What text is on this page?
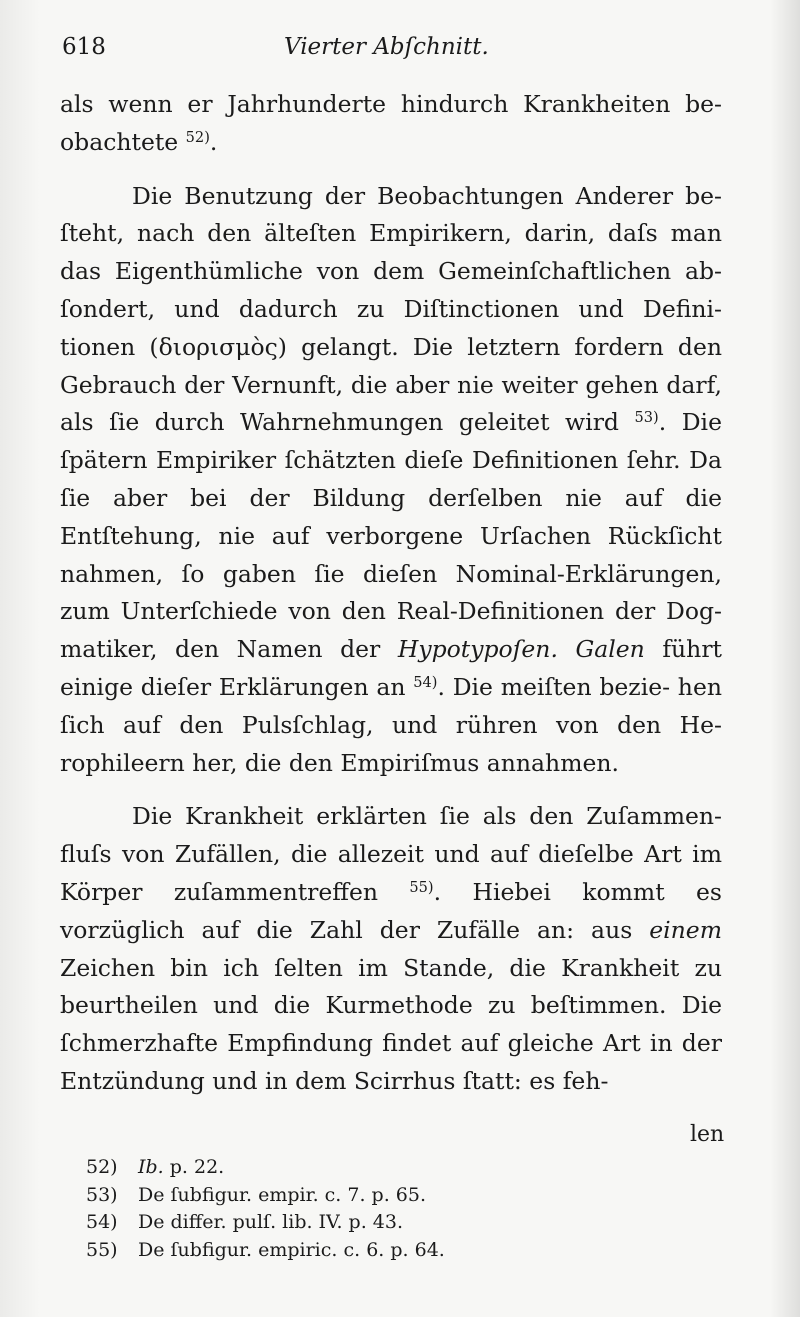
618	Vierter Abſchnitt.

als wenn er Jahrhunderte hindurch Krankheiten be- obachtete $^{52)}$.

Die Benutzung der Beobachtungen Anderer be- ſteht, nach den älteſten Empirikern, darin, daſs man das Eigenthümliche von dem Gemeinſchaftlichen ab- ſondert, und dadurch zu Diſtinctionen und Defini- tionen (διορισμὸς) gelangt. Die letztern fordern den Gebrauch der Vernunft, die aber nie weiter gehen darf, als ſie durch Wahrnehmungen geleitet wird $^{53)}$. Die ſpätern Empiriker ſchätzten dieſe Definitionen ſehr. Da ſie aber bei der Bildung derſelben nie auf die Entſtehung, nie auf verborgene Urſachen Rückſicht nahmen, ſo gaben ſie dieſen Nominal-Erklärungen, zum Unterſchiede von den Real-Definitionen der Dog- matiker, den Namen der Hypotypoſen. Galen führt einige dieſer Erklärungen an $^{54)}$. Die meiſten bezie- hen ſich auf den Pulsſchlag, und rühren von den He- rophileern her, die den Empiriſmus annahmen.

Die Krankheit erklärten ſie als den Zuſammen- fluſs von Zufällen, die allezeit und auf dieſelbe Art im Körper zuſammentreffen $^{55)}$. Hiebei kommt es vorzüglich auf die Zahl der Zufälle an: aus einem Zeichen bin ich ſelten im Stande, die Krankheit zu beurtheilen und die Kurmethode zu beſtimmen. Die ſchmerzhafte Empfindung findet auf gleiche Art in der Entzündung und in dem Scirrhus ſtatt: es feh-

len
52) Ib. p. 22.
53) De ſubfigur. empir. c. 7. p. 65.
54) De differ. pulſ. lib. IV. p. 43.
55) De ſubfigur. empiric. c. 6. p. 64.
